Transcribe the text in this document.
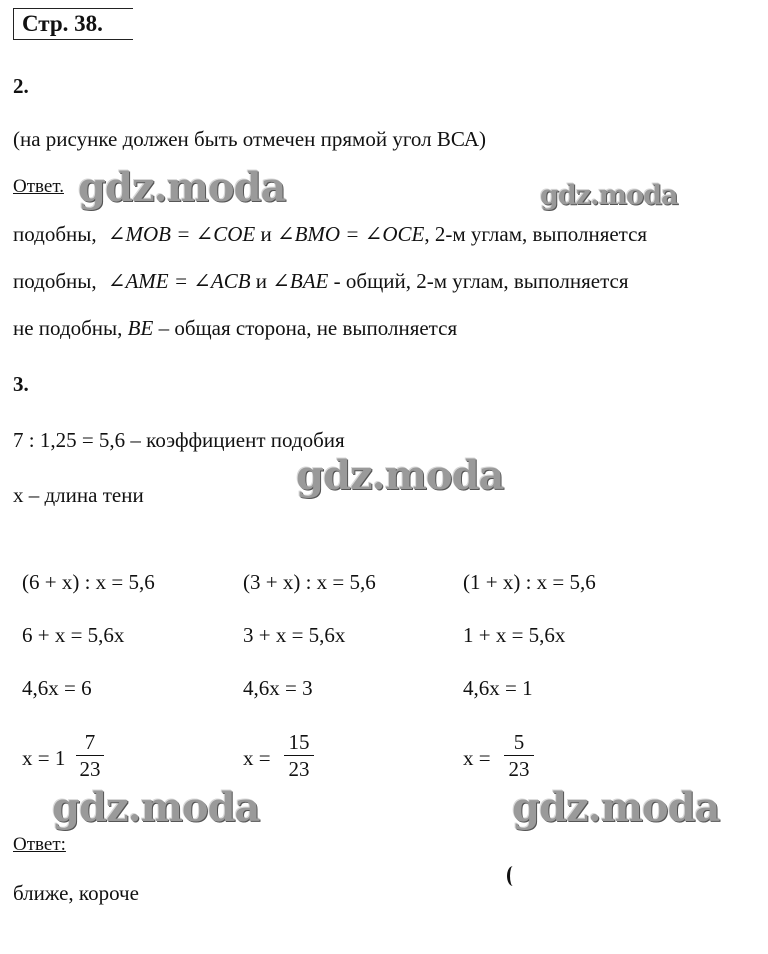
Стр. 38.
2.
(на рисунке должен быть отмечен прямой угол ВСА)
Ответ.
подобны, ∠MOB = ∠COE и ∠BMO = ∠OCE, 2-м углам, выполняется
подобны, ∠AME = ∠ACB и ∠BAE - общий, 2-м углам, выполняется
не подобны, BE – общая сторона, не выполняется
3.
7 : 1,25 = 5,6 – коэффициент подобия
x – длина тени
(6 + x) : x = 5,6
6 + x = 5,6x
4,6x = 6
x = 1
7
23
(3 + x) : x = 5,6
3 + x = 5,6x
4,6x = 3
x =
15
23
(1 + x) : x = 5,6
1 + x = 5,6x
4,6x = 1
x =
5
23
Ответ:
ближе, короче
gdz.moda	gdz.moda
gdz.moda
gdz.moda	gdz.moda
